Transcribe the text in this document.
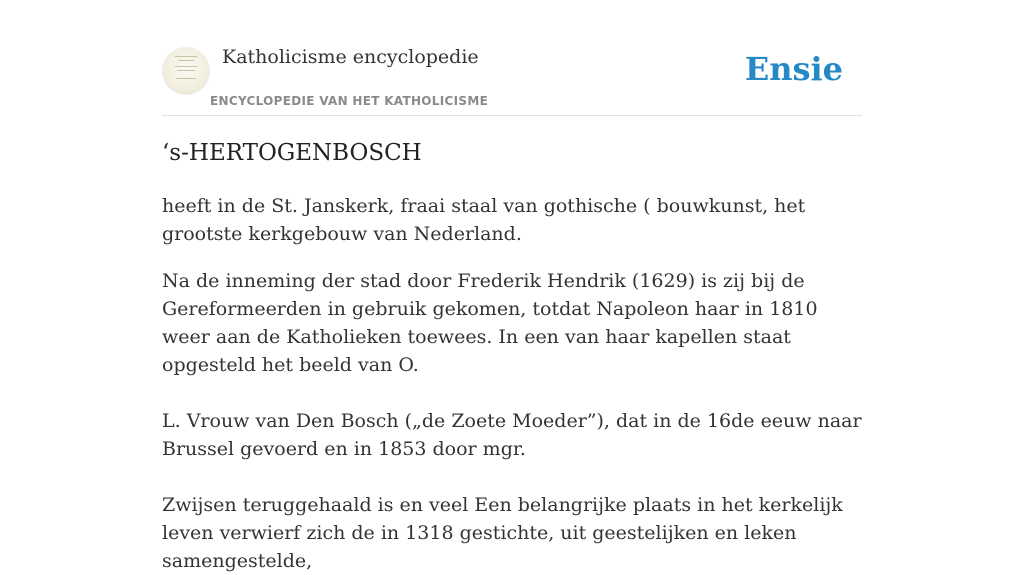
Katholicisme encyclopedie
ENCYCLOPEDIE VAN HET KATHOLICISME
Ensie
‘s-HERTOGENBOSCH

heeft in de St. Janskerk, fraai staal van gothische ( bouwkunst, het grootste kerkgebouw van Nederland.

Na de inneming der stad door Frederik Hendrik (1629) is zij bij de Gereformeerden in gebruik gekomen, totdat Napoleon haar in 1810 weer aan de Katholieken toewees. In een van haar kapellen staat opgesteld het beeld van O.

L. Vrouw van Den Bosch („de Zoete Moeder”), dat in de 16de eeuw naar Brussel gevoerd en in 1853 door mgr.

Zwijsen teruggehaald is en veel Een belangrijke plaats in het kerkelijk leven verwierf zich de in 1318 gestichte, uit geestelijken en leken samengestelde,
